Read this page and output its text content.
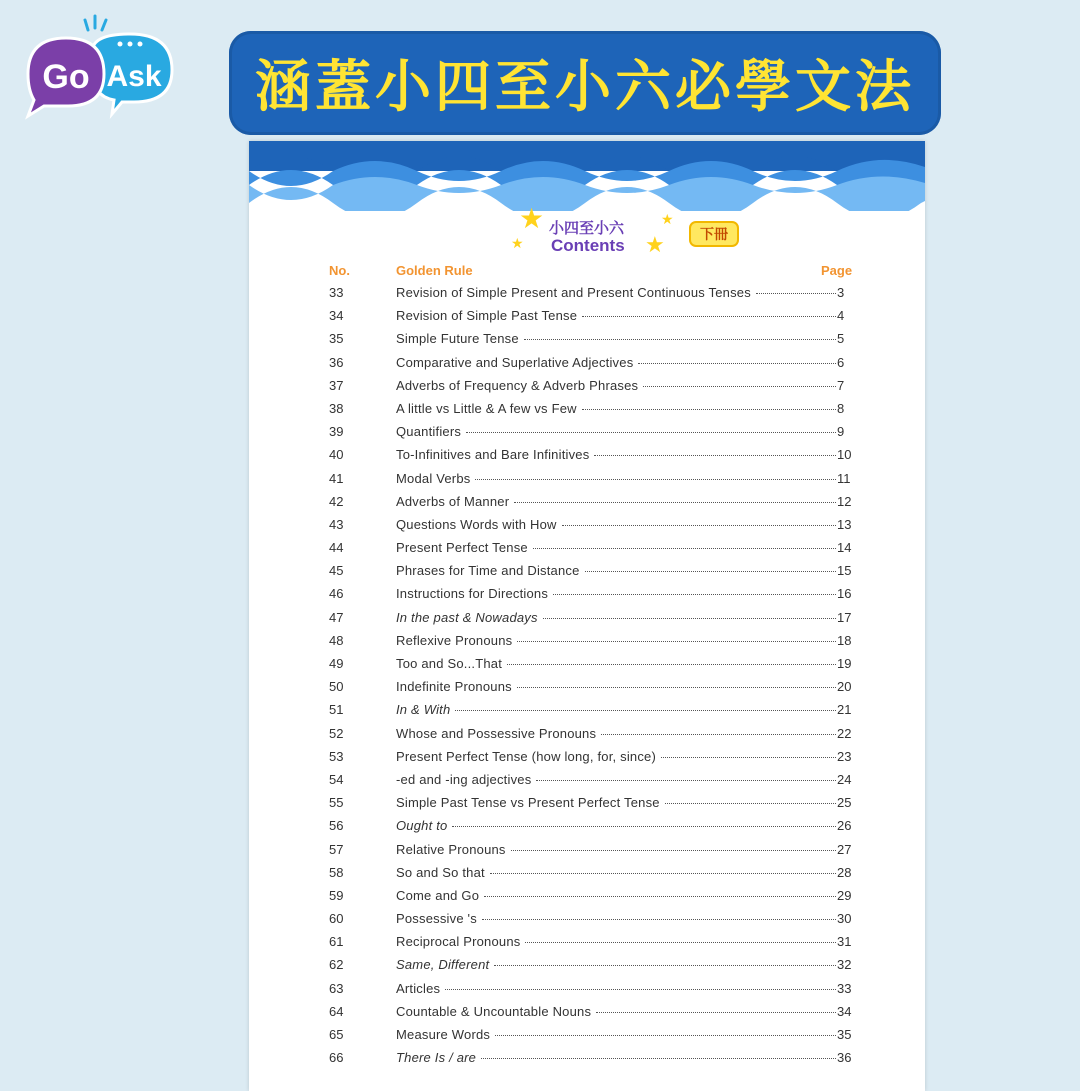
Go Ask 涵蓋小四至小六必學文法
★
★
★
★
小四至小六
Contents
下冊
No.	Golden Rule	Page
33	Revision of Simple Present and Present Continuous Tenses	3
34	Revision of Simple Past Tense	4
35	Simple Future Tense	5
36	Comparative and Superlative Adjectives	6
37	Adverbs of Frequency & Adverb Phrases	7
38	A little vs Little & A few vs Few	8
39	Quantifiers	9
40	To-Infinitives and Bare Infinitives	10
41	Modal Verbs	11
42	Adverbs of Manner	12
43	Questions Words with How	13
44	Present Perfect Tense	14
45	Phrases for Time and Distance	15
46	Instructions for Directions	16
47	In the past & Nowadays	17
48	Reflexive Pronouns	18
49	Too and So...That	19
50	Indefinite Pronouns	20
51	In & With	21
52	Whose and Possessive Pronouns	22
53	Present Perfect Tense (how long, for, since)	23
54	-ed and -ing adjectives	24
55	Simple Past Tense vs Present Perfect Tense	25
56	Ought to	26
57	Relative Pronouns	27
58	So and So that	28
59	Come and Go	29
60	Possessive 's	30
61	Reciprocal Pronouns	31
62	Same, Different	32
63	Articles	33
64	Countable & Uncountable Nouns	34
65	Measure Words	35
66	There Is / are	36
